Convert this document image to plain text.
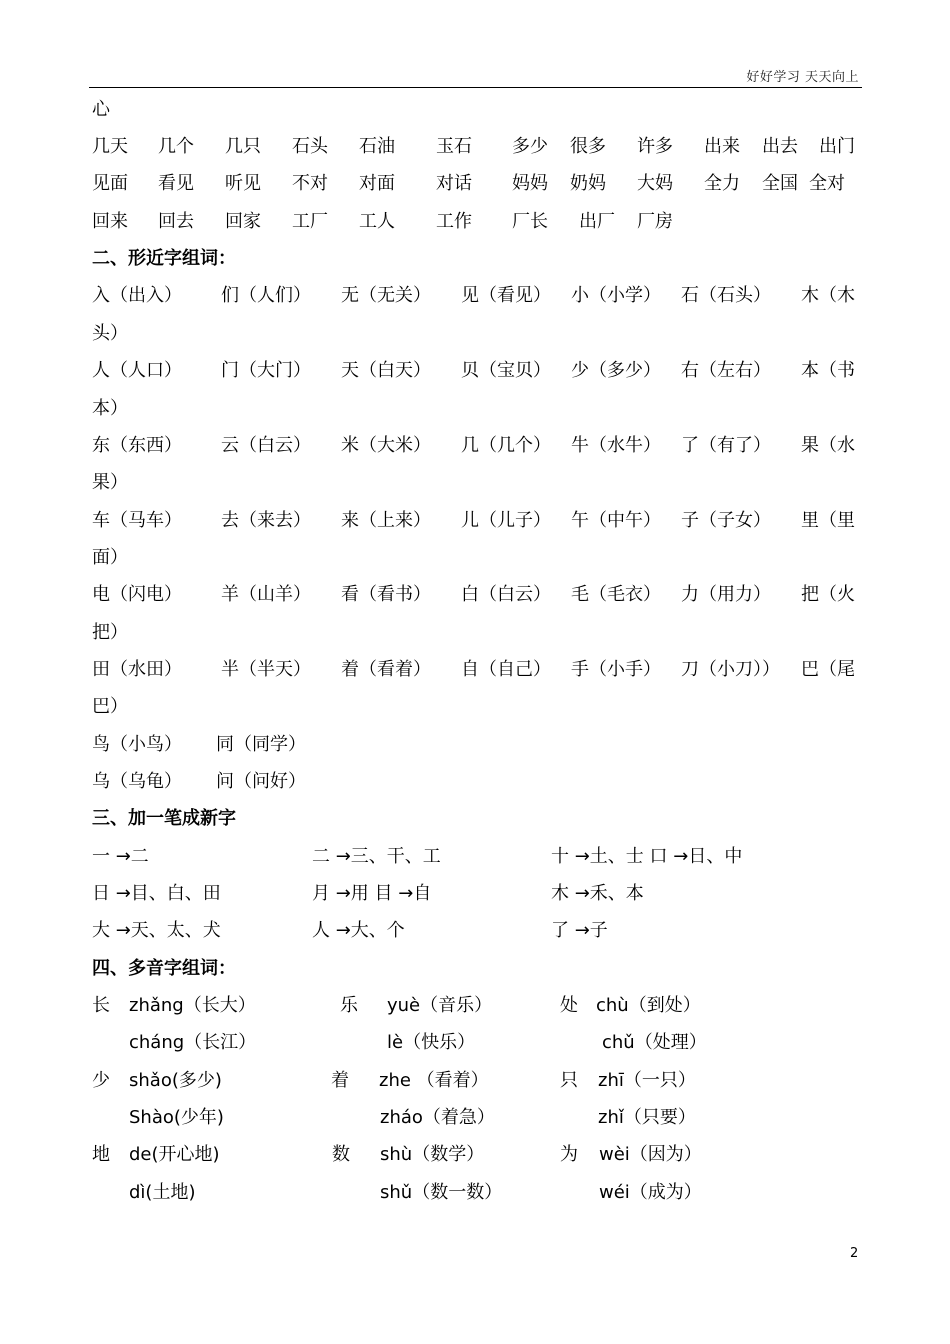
好好学习 天天向上
心
几天 几个 几只 石头 石油 玉石 多少 很多 许多 出来 出去 出门
见面 看见 听见 不对 对面 对话 妈妈 奶妈 大妈 全力 全国 全对
回来 回去 回家 工厂 工人 工作 厂长 出厂 厂房
二、形近字组词：
入（出入） 们（人们） 无（无关） 见（看见） 小（小学） 石（石头） 木（木
头）
人（人口） 门（大门） 天（白天） 贝（宝贝） 少（多少） 右（左右） 本（书
本）
东（东西） 云（白云） 米（大米） 几（几个） 牛（水牛） 了（有了） 果（水
果）
车（马车） 去（来去） 来（上来） 儿（儿子） 午（中午） 子（子女） 里（里
面）
电（闪电） 羊（山羊） 看（看书） 白（白云） 毛（毛衣） 力（用力） 把（火
把）
田（水田） 半（半天） 着（看着） 自（自己） 手（小手） 刀（小刀）） 巴（尾
巴）
鸟（小鸟） 同（同学）
乌（乌龟） 问（问好）
三、加一笔成新字
一 →二	二 →三、干、工	十 →土、士 口 →日、中
日 →目、白、田	月 →用 目 →自	木 →禾、本
大 →天、太、犬	人 →大、个	了 →子
四、多音字组词：
长 zhǎng（长大）	乐 yuè（音乐）	处 chù（到处）
cháng（长江）	lè（快乐）	chǔ（处理）
少 shǎo(多少)	着 zhe （看着）	只 zhī（一只）
Shào(少年)	zháo（着急）	zhǐ（只要）
地 de(开心地)	数 shù（数学）	为 wèi（因为）
dì(土地)	shǔ（数一数）	wéi（成为）
2
